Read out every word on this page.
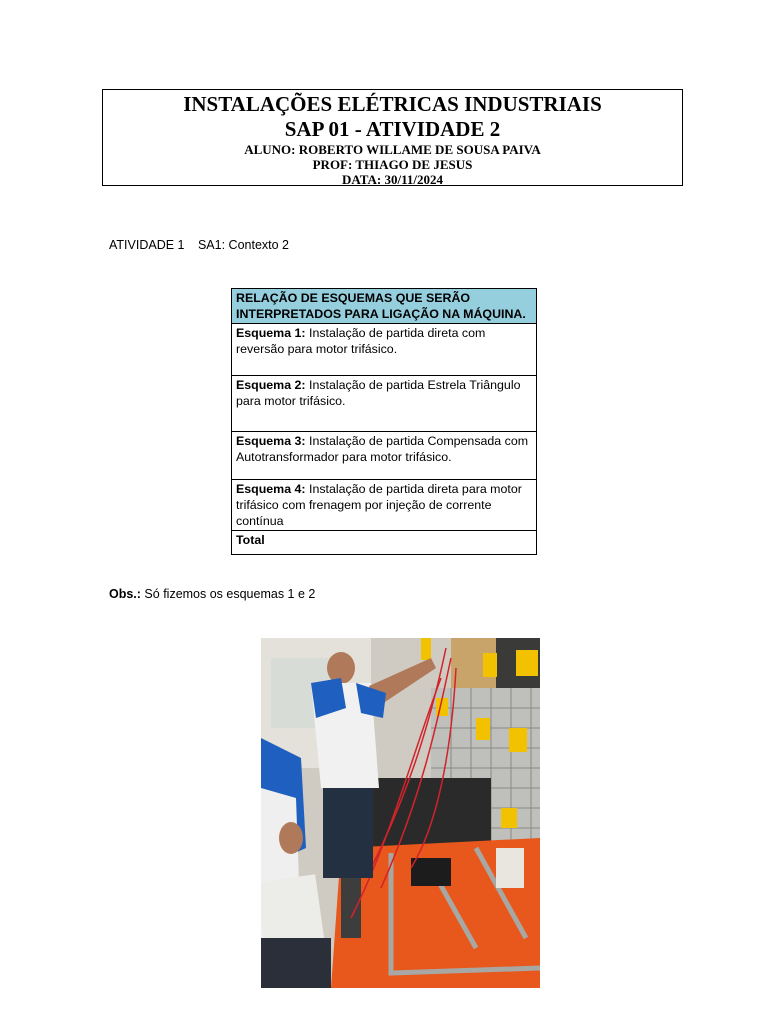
INSTALAÇÕES ELÉTRICAS INDUSTRIAIS
SAP 01 - ATIVIDADE 2
ALUNO: ROBERTO WILLAME DE SOUSA PAIVA
PROF: THIAGO DE JESUS
DATA: 30/11/2024
ATIVIDADE 1 SA1: Contexto 2
RELAÇÃO DE ESQUEMAS QUE SERÃO INTERPRETADOS PARA LIGAÇÃO NA MÁQUINA.
Esquema 1: Instalação de partida direta com reversão para motor trifásico.
Esquema 2: Instalação de partida Estrela Triângulo para motor trifásico.
Esquema 3: Instalação de partida Compensada com Autotransformador para motor trifásico.
Esquema 4: Instalação de partida direta para motor trifásico com frenagem por injeção de corrente contínua
Total
Obs.: Só fizemos os esquemas 1 e 2
